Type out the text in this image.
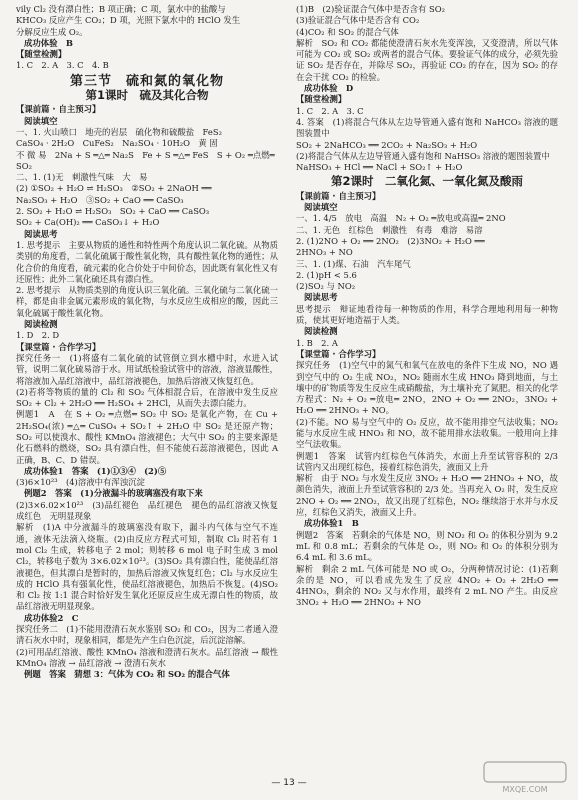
vily Cl₂ 没有漂白性；B 项正确；C 项，氯水中的盐酸与

KHCO₃ 反应产生 CO₂；D 项，光照下氯水中的 HClO 发生

分解反应生成 O₂。

成功体验　B

【随堂检测】

1. C　2. A　3. C　4. B

第三节　硫和氮的氧化物

第1课时　硫及其化合物

【课前篇 · 自主预习】

阅读填空

一、1. 火山喷口　地壳的岩层　硫化物和硫酸盐　FeS₂

CaSO₄ · 2H₂O　CuFeS₂　Na₂SO₄ · 10H₂O　黄 固

不 微 易　2Na + S ═△═ Na₂S　Fe + S ═△═ FeS　S + O₂ ═点燃═

SO₂

二、1. (1)无　刺激性气味　大　易

(2) ①SO₂ + H₂O ⇌ H₂SO₃　②SO₂ + 2NaOH ══

Na₂SO₃ + H₂O　③SO₂ + CaO ══ CaSO₃

2. SO₂ + H₂O ⇌ H₂SO₃　SO₂ + CaO ══ CaSO₃

SO₂ + Ca(OH)₂ ══ CaSO₃↓ + H₂O

阅读思考

1. 思考提示　主要从物质的通性和特性两个角度认识二氧化硫。从物质类别的角度看，二氧化硫属于酸性氧化物，具有酸性氧化物的通性；从化合价的角度看，硫元素的化合价处于中间价态，因此既有氧化性又有还原性；此外二氧化硫还具有漂白性。

2. 思考提示　从物质类别的角度认识三氧化硫。三氧化硫与二氧化硫一样，都是由非金属元素形成的氧化物，与水反应生成相应的酸，因此三氧化硫属于酸性氧化物。

阅读检测

1. D　2. D

【课堂篇 · 合作学习】

探究任务一　(1)将盛有二氧化硫的试管倒立到水槽中时，水进入试管，说明二氧化硫易溶于水。用试纸检验试管中的溶液，溶液显酸性，将溶液加入品红溶液中，品红溶液褪色，加热后溶液又恢复红色。

(2)若将等物质的量的 Cl₂ 和 SO₂ 气体相混合后，在溶液中发生反应 SO₂ + Cl₂ + 2H₂O ══ H₂SO₄ + 2HCl，从而失去漂白能力。

例题1　A　在 S + O₂ ═点燃═ SO₂ 中 SO₂ 是氧化产物，在 Cu + 2H₂SO₄(浓) ═△═ CuSO₄ + SO₂↑ + 2H₂O 中 SO₂ 是还原产物；SO₂ 可以使溴水、酸性 KMnO₄ 溶液褪色；大气中 SO₂ 的主要来源是化石燃料的燃烧，SO₂ 具有漂白性，但不能使石蕊溶液褪色，因此 A 正确，B、C、D 错误。

成功体验1　答案　(1)①③④　(2)⑤

(3)6×10²³　(4)溶液中有浑浊沉淀

例题2　答案　(1)分液漏斗的玻璃塞没有取下来

(2)3×6.02×10²³　(3)品红褪色　品红褪色　褪色的品红溶液又恢复成红色　无明显现象

解析　(1)A 中分液漏斗的玻璃塞没有取下，漏斗内气体与空气不连通，液体无法滴入烧瓶。(2)由反应方程式可知，制取 Cl₂ 时若有 1 mol Cl₂ 生成，转移电子 2 mol；则转移 6 mol 电子时生成 3 mol Cl₂，转移电子数为 3×6.02×10²³。(3)SO₂ 具有漂白性，能使品红溶液褪色，但其漂白是暂时的，加热后溶液又恢复红色；Cl₂ 与水反应生成的 HClO 具有强氧化性，使品红溶液褪色，加热后不恢复。(4)SO₂ 和 Cl₂ 按 1:1 混合时恰好发生氧化还原反应生成无漂白性的物质，故品红溶液无明显现象。

成功体验2　C

探究任务二　(1)不能用澄清石灰水鉴别 SO₂ 和 CO₂，因为二者通入澄清石灰水中时，现象相同，都是先产生白色沉淀，后沉淀溶解。

(2)可用品红溶液、酸性 KMnO₄ 溶液和澄清石灰水。品红溶液 → 酸性 KMnO₄ 溶液 → 品红溶液 → 澄清石灰水

例题　答案　猜想 3：气体为 CO₂ 和 SO₂ 的混合气体

(1)B　(2)验证混合气体中是否含有 SO₂

(3)验证混合气体中是否含有 CO₂

(4)CO₂ 和 SO₂ 的混合气体

解析　SO₂ 和 CO₂ 都能使澄清石灰水先变浑浊，又变澄清，所以气体可能为 CO₂ 或 SO₂ 或两者的混合气体。要验证气体的成分，必须先验证 SO₂ 是否存在，并除尽 SO₂，再验证 CO₂ 的存在，因为 SO₂ 的存在会干扰 CO₂ 的检验。

成功体验　D

【随堂检测】

1. C　2. A　3. C

4. 答案　(1)将混合气体从左边导管通入盛有饱和 NaHCO₃ 溶液的题图装置中

SO₂ + 2NaHCO₃ ══ 2CO₂ + Na₂SO₃ + H₂O

(2)将混合气体从左边导管通入盛有饱和 NaHSO₃ 溶液的题图装置中

NaHSO₃ + HCl ══ NaCl + SO₂↑ + H₂O

第2课时　二氧化氮、一氧化氮及酸雨

【课前篇 · 自主预习】

阅读填空

一、1. 4/5　放电　高温　N₂ + O₂ ═放电或高温═ 2NO

二、1. 无色　红棕色　刺激性　有毒　难溶　易溶

2. (1)2NO + O₂ ══ 2NO₂　(2)3NO₂ + H₂O ══

2HNO₃ + NO

三、1. (1)煤、石油　汽车尾气

2. (1)pH < 5.6

(2)SO₂ 与 NO₂

阅读思考

思考提示　辩证地看待每一种物质的作用，科学合理地利用每一种物质，使其更好地造福于人类。

阅读检测

1. B　2. A

【课堂篇 · 合作学习】

探究任务　(1)空气中的氮气和氧气在放电的条件下生成 NO，NO 遇到空气中的 O₂ 生成 NO₂，NO₂ 随雨水生成 HNO₃ 降到地面，与土壤中的矿物质等发生反应生成硝酸盐，为土壤补充了氮肥。相关的化学方程式：N₂ + O₂ ═放电═ 2NO，2NO + O₂ ══ 2NO₂，3NO₂ + H₂O ══ 2HNO₃ + NO。

(2)不能。NO 易与空气中的 O₂ 反应，故不能用排空气法收集；NO₂ 能与水反应生成 HNO₃ 和 NO，故不能用排水法收集。一般用向上排空气法收集。

例题1　答案　试管内红棕色气体消失，水面上升至试管容积的 2/3　试管内又出现红棕色，接着红棕色消失，液面又上升

解析　由于 NO₂ 与水发生反应 3NO₂ + H₂O ══ 2HNO₃ + NO，故颜色消失，液面上升至试管容积的 2/3 处。当再充入 O₂ 时，发生反应 2NO + O₂ ══ 2NO₂，故又出现了红棕色，NO₂ 继续溶于水并与水反应，红棕色又消失，液面又上升。

成功体验1　B

例题2　答案　若剩余的气体是 NO，则 NO₂ 和 O₂ 的体积分别为 9.2 mL 和 0.8 mL；若剩余的气体是 O₂，则 NO₂ 和 O₂ 的体积分别为 6.4 mL 和 3.6 mL。

解析　剩余 2 mL 气体可能是 NO 或 O₂，分两种情况讨论：(1)若剩余的是 NO，可以看成先发生了反应 4NO₂ + O₂ + 2H₂O ══ 4HNO₃，剩余的 NO₂ 又与水作用，最终有 2 mL NO 产生。由反应 3NO₂ + H₂O ══ 2HNO₃ + NO

— 13 —
MXQE.COM
